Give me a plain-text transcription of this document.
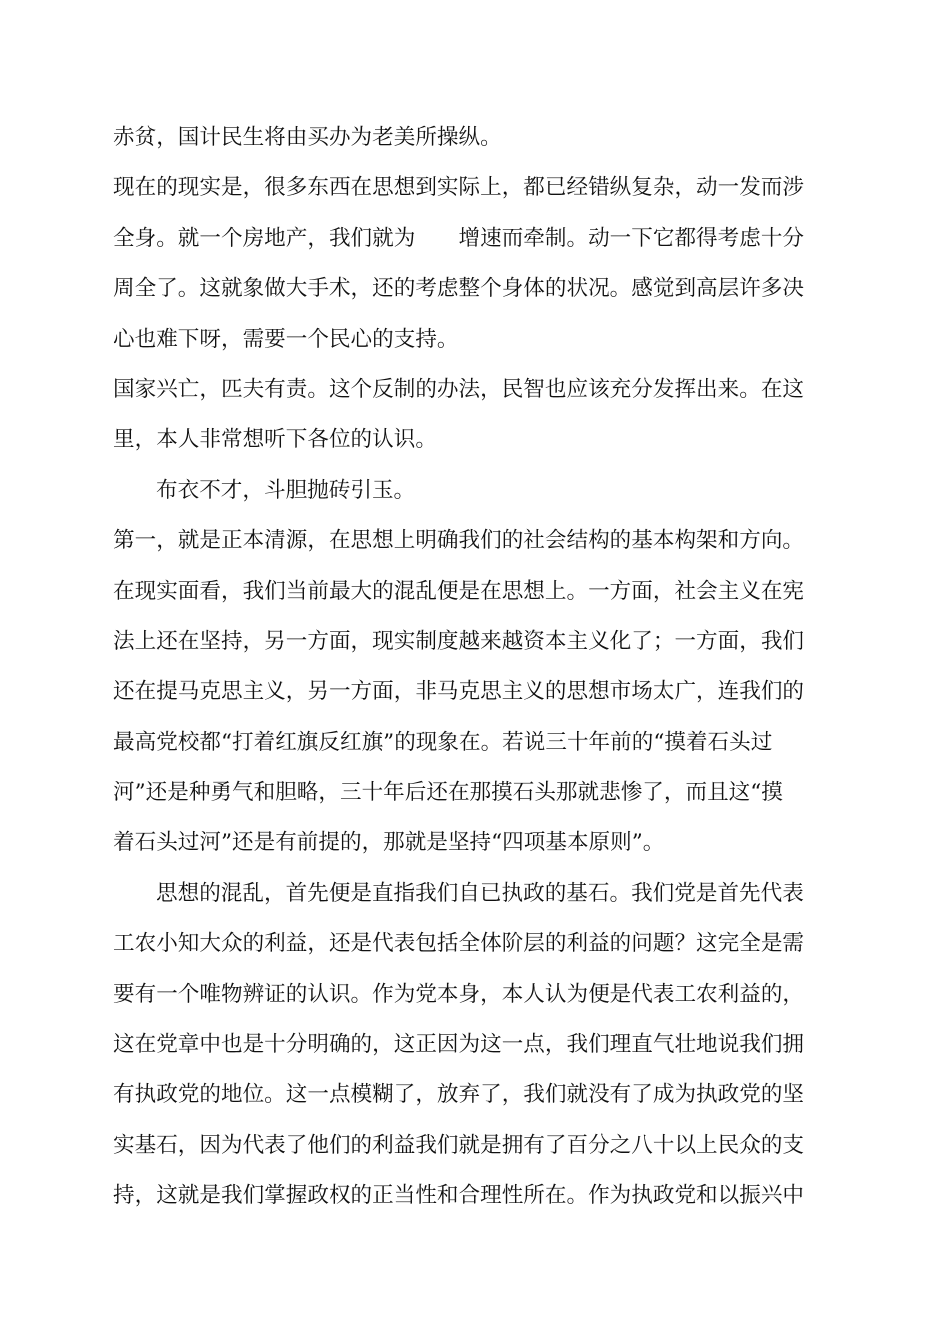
赤贫，国计民生将由买办为老美所操纵。
现在的现实是，很多东西在思想到实际上，都已经错纵复杂，动一发而涉
全身。就一个房地产，我们就为　　增速而牵制。动一下它都得考虑十分
周全了。这就象做大手术，还的考虑整个身体的状况。感觉到高层许多决
心也难下呀，需要一个民心的支持。
国家兴亡，匹夫有责。这个反制的办法，民智也应该充分发挥出来。在这
里，本人非常想听下各位的认识。
布衣不才，斗胆抛砖引玉。
第一，就是正本清源，在思想上明确我们的社会结构的基本构架和方向。
在现实面看，我们当前最大的混乱便是在思想上。一方面，社会主义在宪
法上还在坚持，另一方面，现实制度越来越资本主义化了；一方面，我们
还在提马克思主义，另一方面，非马克思主义的思想市场太广，连我们的
最高党校都“打着红旗反红旗”的现象在。若说三十年前的“摸着石头过
河”还是种勇气和胆略，三十年后还在那摸石头那就悲惨了，而且这“摸
着石头过河”还是有前提的，那就是坚持“四项基本原则”。
思想的混乱，首先便是直指我们自已执政的基石。我们党是首先代表
工农小知大众的利益，还是代表包括全体阶层的利益的问题？这完全是需
要有一个唯物辨证的认识。作为党本身，本人认为便是代表工农利益的，
这在党章中也是十分明确的，这正因为这一点，我们理直气壮地说我们拥
有执政党的地位。这一点模糊了，放弃了，我们就没有了成为执政党的坚
实基石，因为代表了他们的利益我们就是拥有了百分之八十以上民众的支
持，这就是我们掌握政权的正当性和合理性所在。作为执政党和以振兴中
